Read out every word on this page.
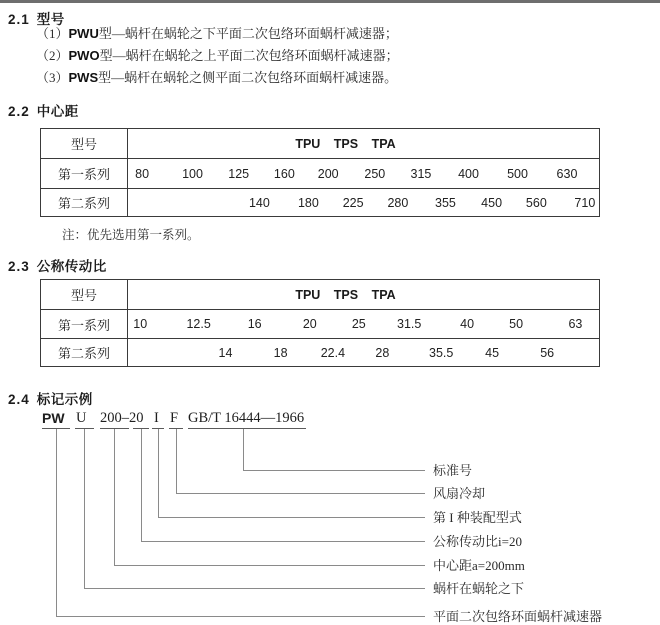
2.1 型号
（1）PWU型—蜗杆在蜗轮之下平面二次包络环面蜗杆减速器；
（2）PWO型—蜗杆在蜗轮之上平面二次包络环面蜗杆减速器；
（3）PWS型—蜗杆在蜗轮之侧平面二次包络环面蜗杆减速器。
2.2 中心距
型号	TPU TPS TPA
第一系列	80	100 125 160 200 250 315 400 500 630
第二系列	140 180 225 280 355 450 560 710
注：优先选用第一系列。
2.3 公称传动比
型号	TPU TPS TPA
第一系列	10	12.5	16	20	25	31.5	40	50	63
第二系列	14	18	22.4 28	35.5	45	56
2.4 标记示例
PW U 200–20 I F GB/T 16444—1966
标准号
风扇冷却
第 I 种装配型式
公称传动比i=20
中心距a=200mm
蜗杆在蜗轮之下
平面二次包络环面蜗杆减速器
